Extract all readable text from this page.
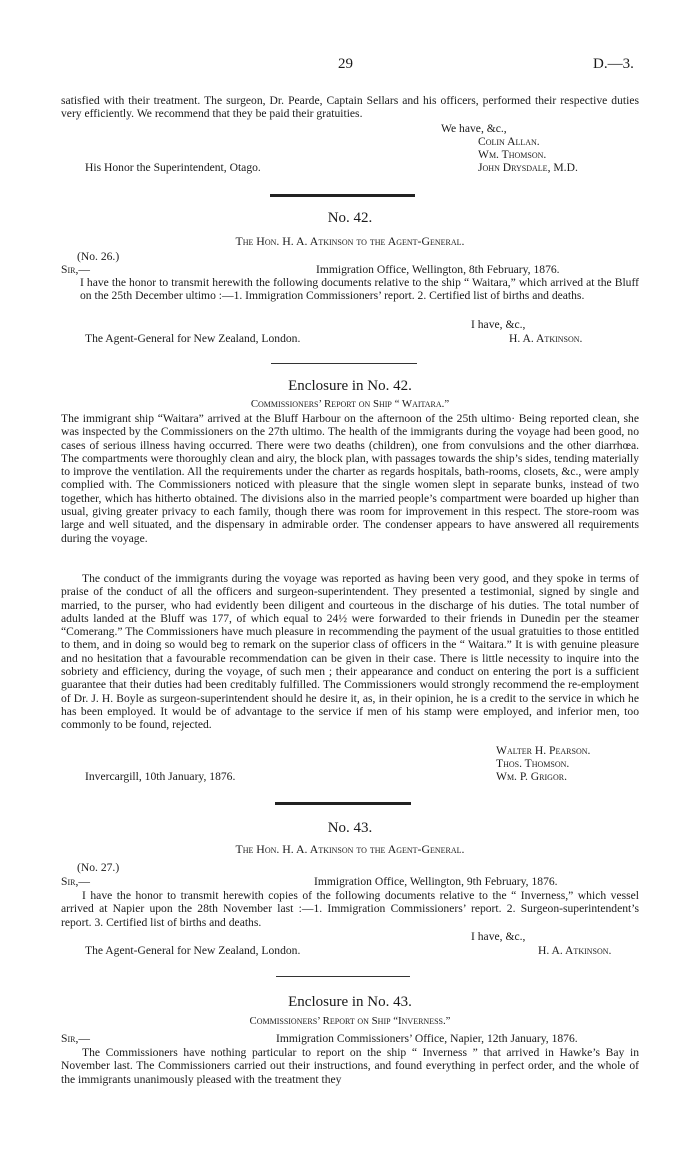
29	D.—3.
satisfied with their treatment. The surgeon, Dr. Pearde, Captain Sellars and his officers, performed their respective duties very efficiently. We recommend that they be paid their gratuities.
We have, &c.,
Colin Allan.
Wm. Thomson.
His Honor the Superintendent, Otago.	John Drysdale, M.D.
No. 42.
The Hon. H. A. Atkinson to the Agent-General.
(No. 26.)
Sir,—	Immigration Office, Wellington, 8th February, 1876.
I have the honor to transmit herewith the following documents relative to the ship “ Waitara,” which arrived at the Bluff on the 25th December ultimo :—1. Immigration Commissioners’ report. 2. Certified list of births and deaths.
I have, &c.,
The Agent-General for New Zealand, London.	H. A. Atkinson.
Enclosure in No. 42.
Commissioners’ Report on Ship “ Waitara.”
The immigrant ship “Waitara” arrived at the Bluff Harbour on the afternoon of the 25th ultimo· Being reported clean, she was inspected by the Commissioners on the 27th ultimo. The health of the immigrants during the voyage had been good, no cases of serious illness having occurred. There were two deaths (children), one from convulsions and the other diarrhœa. The compartments were thoroughly clean and airy, the block plan, with passages towards the ship’s sides, tending materially to improve the ventilation. All the requirements under the charter as regards hospitals, bath-rooms, closets, &c., were amply complied with. The Commissioners noticed with pleasure that the single women slept in separate bunks, instead of two together, which has hitherto obtained. The divisions also in the married people’s compartment were boarded up higher than usual, giving greater privacy to each family, though there was room for improvement in this respect. The store-room was large and well situated, and the dispensary in admirable order. The condenser appears to have answered all requirements during the voyage.
The conduct of the immigrants during the voyage was reported as having been very good, and they spoke in terms of praise of the conduct of all the officers and surgeon-superintendent. They presented a testimonial, signed by single and married, to the purser, who had evidently been diligent and courteous in the discharge of his duties. The total number of adults landed at the Bluff was 177, of which equal to 24½ were forwarded to their friends in Dunedin per the steamer “Comerang.” The Commissioners have much pleasure in recommending the payment of the usual gratuities to those entitled to them, and in doing so would beg to remark on the superior class of officers in the “ Waitara.” It is with genuine pleasure and no hesitation that a favourable recommendation can be given in their case. There is little necessity to inquire into the sobriety and efficiency, during the voyage, of such men ; their appearance and conduct on entering the port is a sufficient guarantee that their duties had been creditably fulfilled. The Commissioners would strongly recommend the re-employment of Dr. J. H. Boyle as surgeon-superintendent should he desire it, as, in their opinion, he is a credit to the service in which he has been employed. It would be of advantage to the service if men of his stamp were employed, and inferior men, too commonly to be found, rejected.
Walter H. Pearson.
Thos. Thomson.
Invercargill, 10th January, 1876.	Wm. P. Grigor.
No. 43.
The Hon. H. A. Atkinson to the Agent-General.
(No. 27.)
Sir,—	Immigration Office, Wellington, 9th February, 1876.
I have the honor to transmit herewith copies of the following documents relative to the “ Inverness,” which vessel arrived at Napier upon the 28th November last :—1. Immigration Commissioners’ report. 2. Surgeon-superintendent’s report. 3. Certified list of births and deaths.
I have, &c.,
The Agent-General for New Zealand, London.	H. A. Atkinson.
Enclosure in No. 43.
Commissioners’ Report on Ship “Inverness.”
Sir,—	Immigration Commissioners’ Office, Napier, 12th January, 1876.
The Commissioners have nothing particular to report on the ship “ Inverness ” that arrived in Hawke’s Bay in November last. The Commissioners carried out their instructions, and found everything in perfect order, and the whole of the immigrants unanimously pleased with the treatment they
